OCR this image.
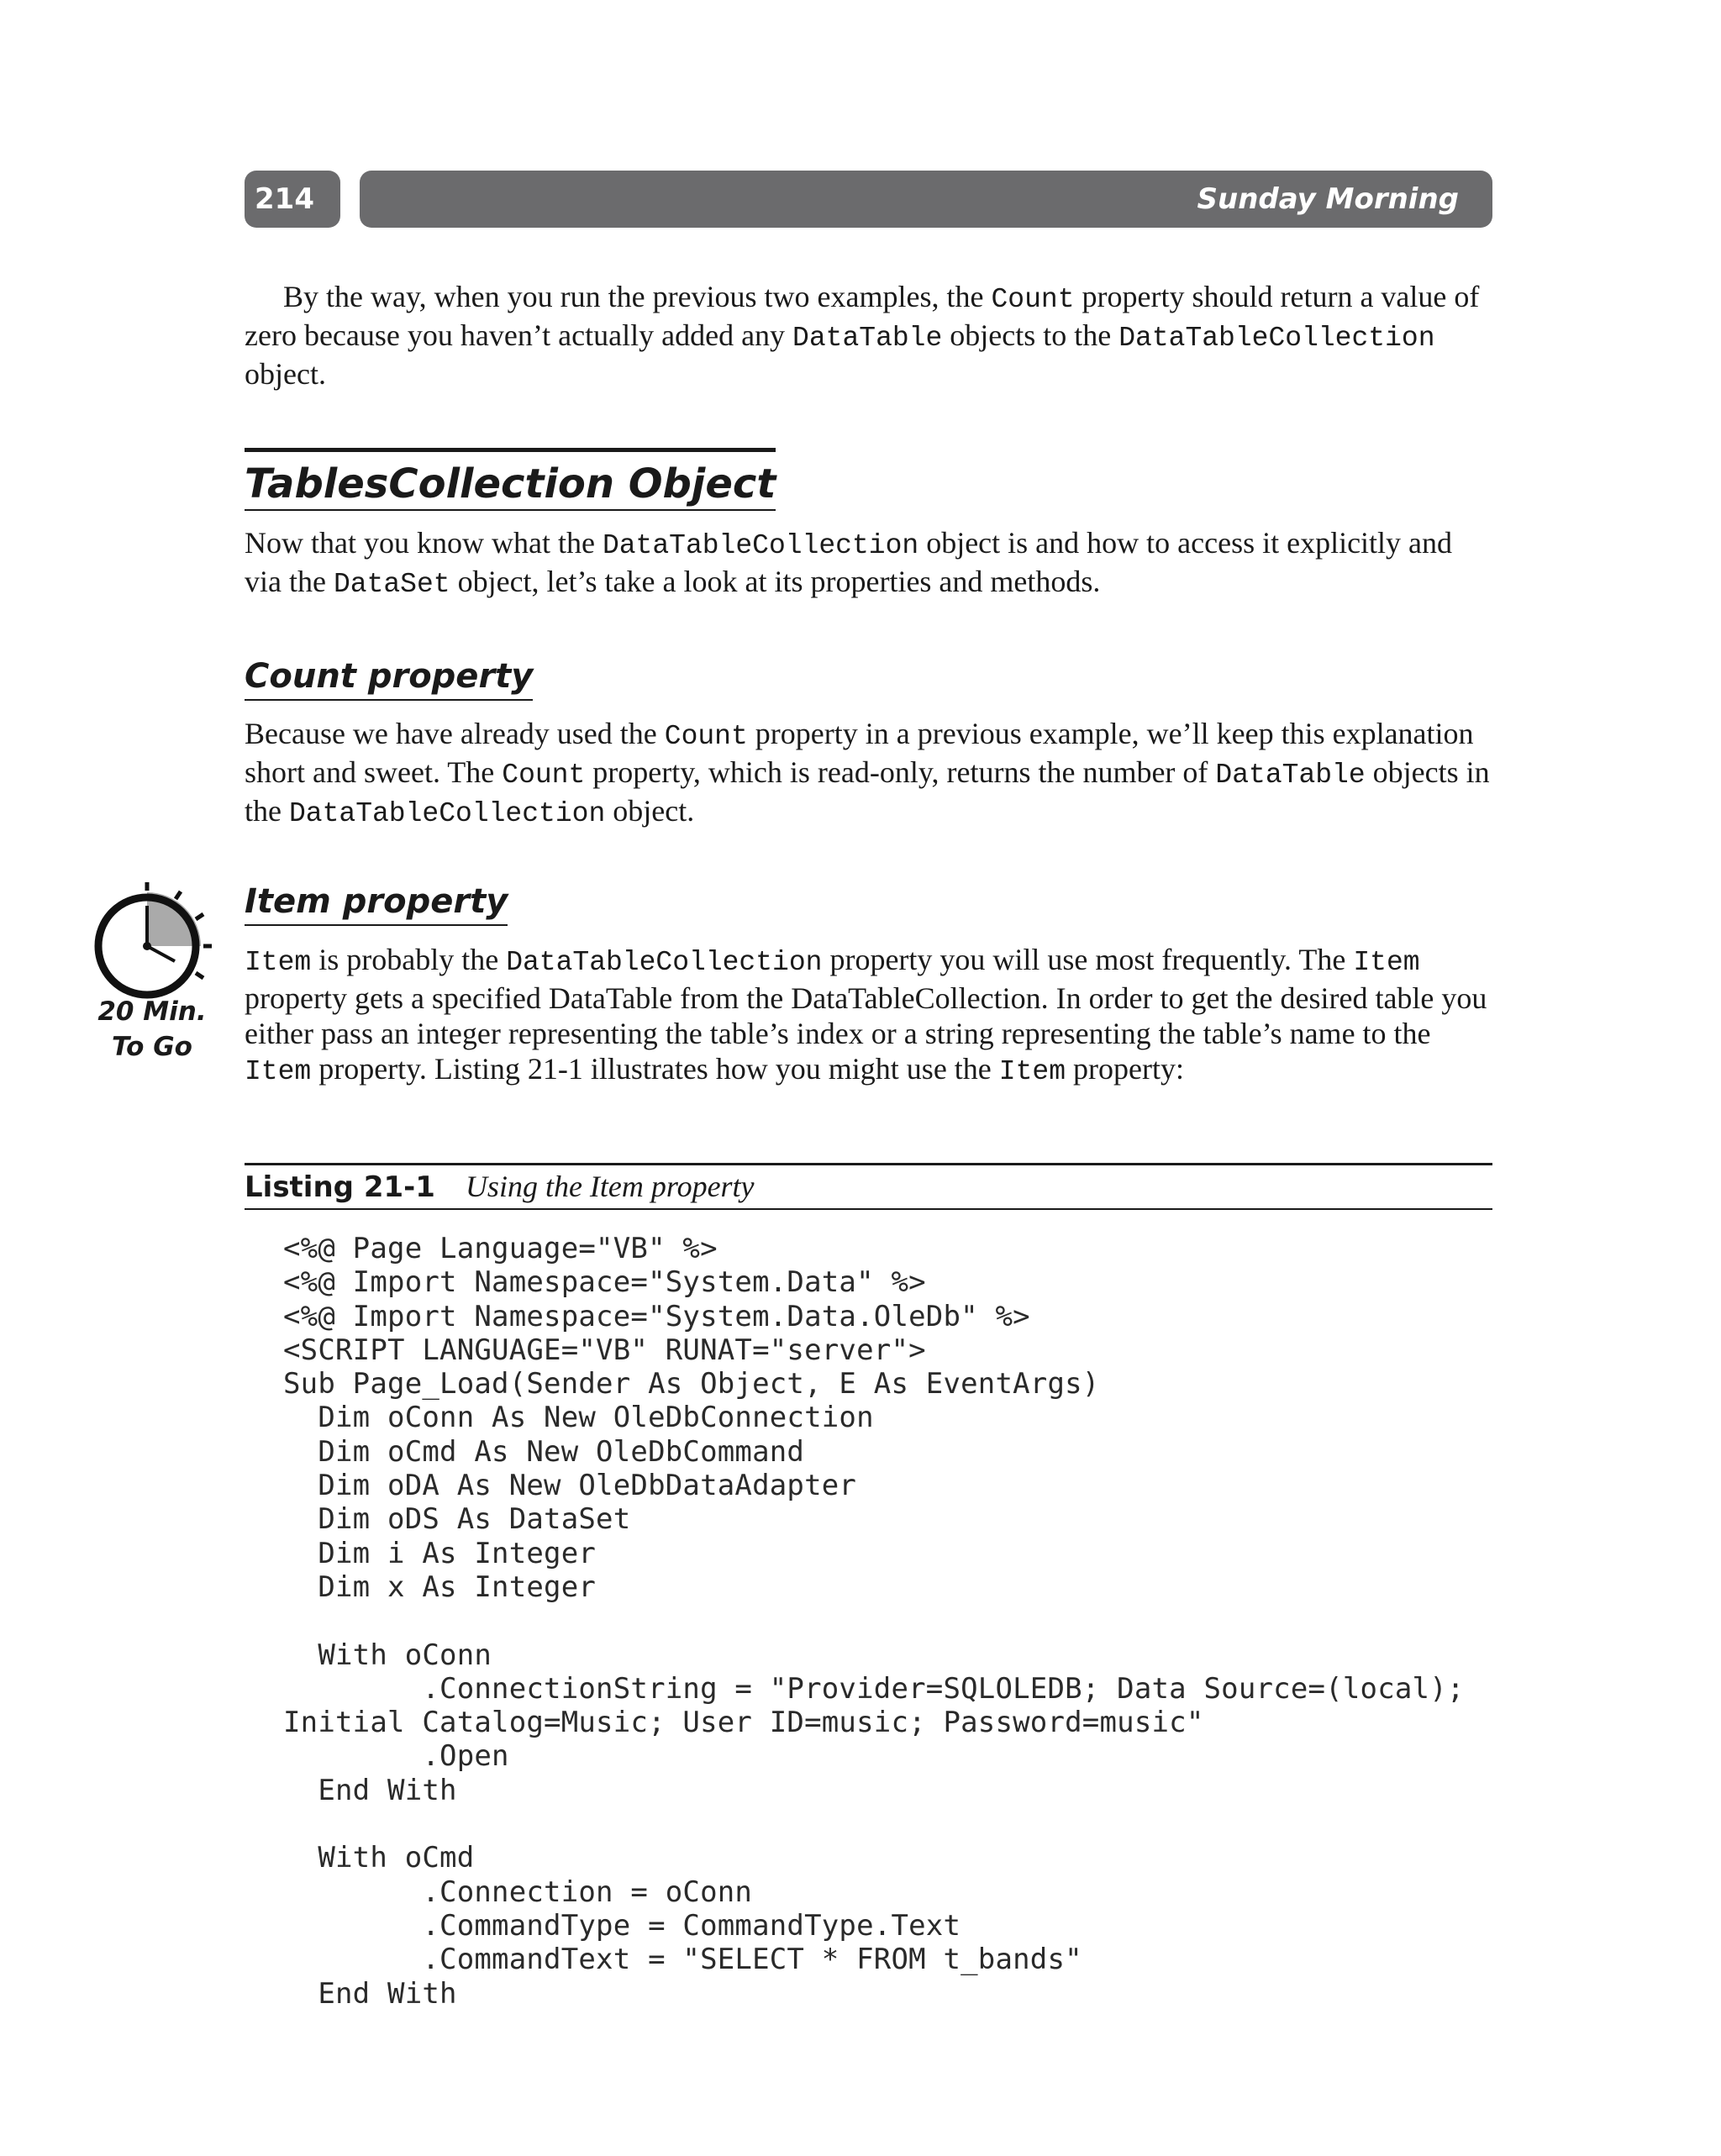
214	Sunday Morning

By the way, when you run the previous two examples, the Count property should return a value of zero because you haven’t actually added any DataTable objects to the DataTableCollection object.

TablesCollection Object

Now that you know what the DataTableCollection object is and how to access it explicitly and via the DataSet object, let’s take a look at its properties and methods.

Count property

Because we have already used the Count property in a previous example, we’ll keep this explanation short and sweet. The Count property, which is read-only, returns the number of DataTable objects in the DataTableCollection object.

20 Min.
To Go
Item property

Item is probably the DataTableCollection property you will use most frequently. The Item property gets a specified DataTable from the DataTableCollection. In order to get the desired table you either pass an integer representing the table’s index or a string representing the table’s name to the Item property. Listing 21-1 illustrates how you might use the Item property:

Listing 21-1 Using the Item property
<%@ Page Language="VB" %>
<%@ Import Namespace="System.Data" %>
<%@ Import Namespace="System.Data.OleDb" %>
<SCRIPT LANGUAGE="VB" RUNAT="server">
Sub Page_Load(Sender As Object, E As EventArgs)
Dim oConn As New OleDbConnection
Dim oCmd As New OleDbCommand
Dim oDA As New OleDbDataAdapter
Dim oDS As DataSet
Dim i As Integer
Dim x As Integer

With oConn
.ConnectionString = "Provider=SQLOLEDB; Data Source=(local);
Initial Catalog=Music; User ID=music; Password=music"
.Open
End With

With oCmd
.Connection = oConn
.CommandType = CommandType.Text
.CommandText = "SELECT * FROM t_bands"
End With
